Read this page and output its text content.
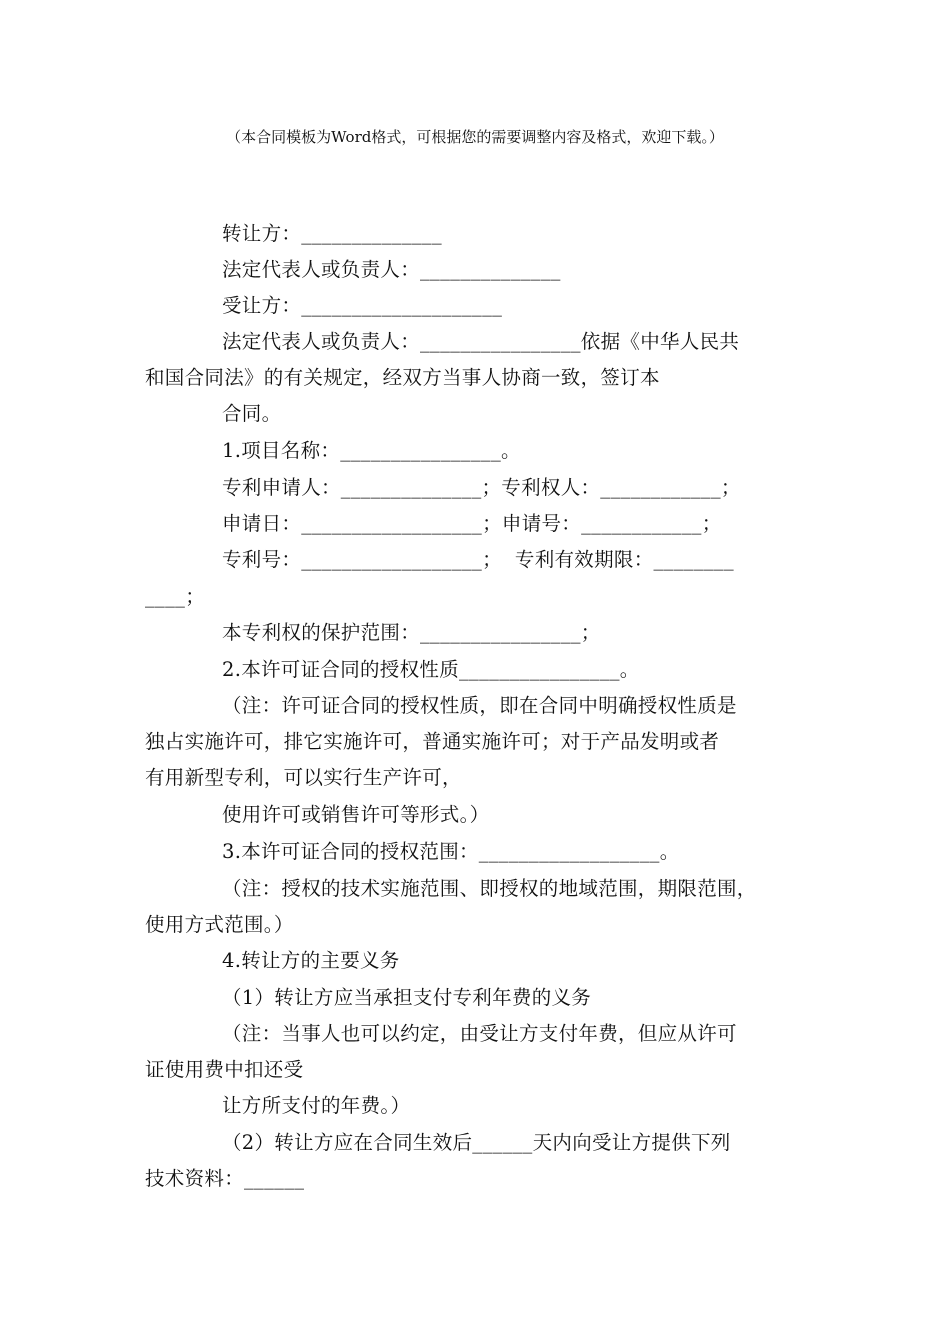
（本合同模板为Word格式，可根据您的需要调整内容及格式，欢迎下载。）
转让方：______________
法定代表人或负责人：______________
受让方：____________________
法定代表人或负责人：________________依据《中华人民共
和国合同法》的有关规定，经双方当事人协商一致，签订本
合同。
1.项目名称：________________。
专利申请人：______________；专利权人：____________；
申请日：__________________；申请号：____________；
专利号：__________________；  专利有效期限：________
____；
本专利权的保护范围：________________；
2.本许可证合同的授权性质________________。
（注：许可证合同的授权性质，即在合同中明确授权性质是
独占实施许可，排它实施许可，普通实施许可；对于产品发明或者
有用新型专利，可以实行生产许可，
使用许可或销售许可等形式。）
3.本许可证合同的授权范围：__________________。
（注：授权的技术实施范围、即授权的地域范围，期限范围，
使用方式范围。）
4.转让方的主要义务
（1）转让方应当承担支付专利年费的义务
（注：当事人也可以约定，由受让方支付年费，但应从许可
证使用费中扣还受
让方所支付的年费。）
（2）转让方应在合同生效后______天内向受让方提供下列
技术资料：______
